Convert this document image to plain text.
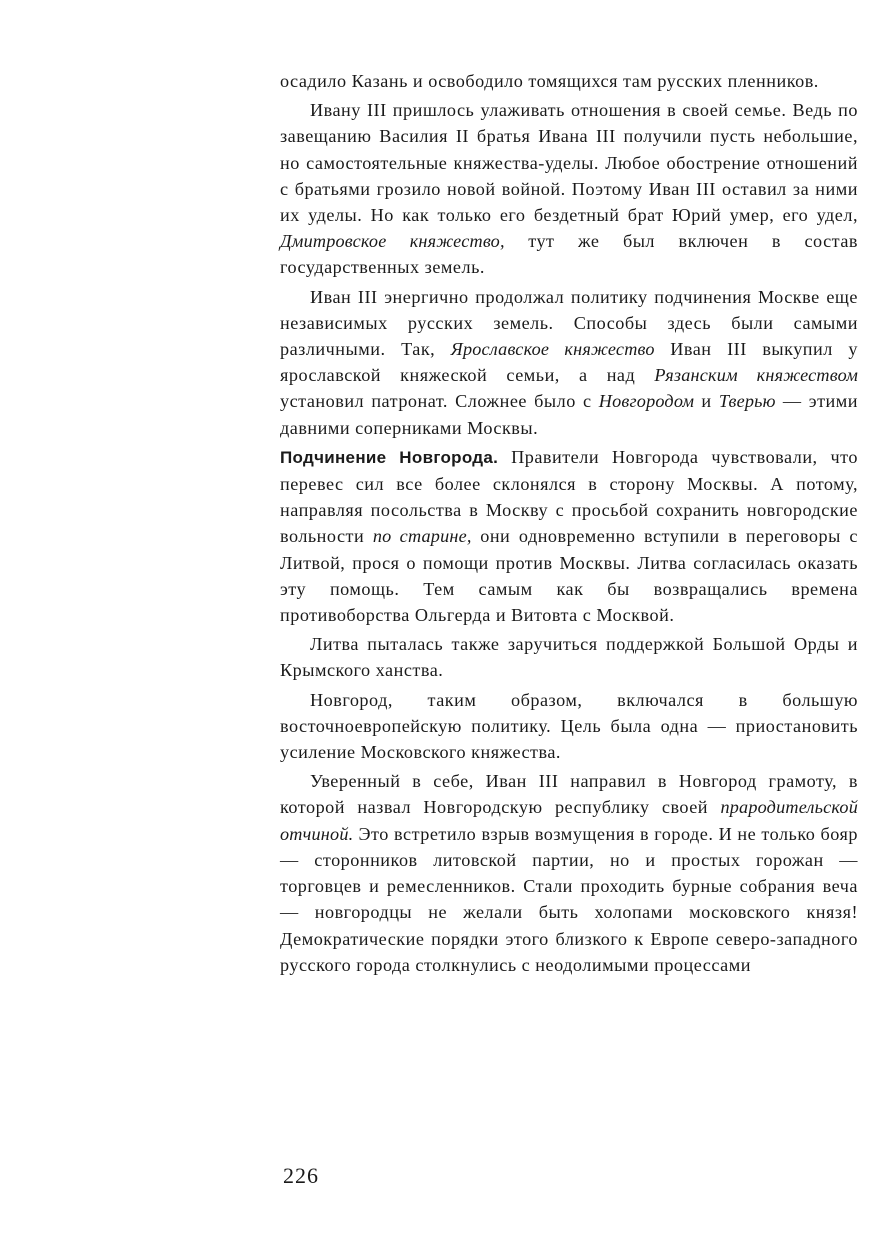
осадило Казань и освободило томящихся там русских пленников.

Ивану III пришлось улаживать отношения в своей семье. Ведь по завещанию Василия II братья Ивана III получили пусть небольшие, но самостоятельные княжества-уделы. Любое обострение отношений с братьями грозило новой войной. Поэтому Иван III оставил за ними их уделы. Но как только его бездетный брат Юрий умер, его удел, Дмитровское княжество, тут же был включен в состав государственных земель.

Иван III энергично продолжал политику подчинения Москве еще независимых русских земель. Способы здесь были самыми различными. Так, Ярославское княжество Иван III выкупил у ярославской княжеской семьи, а над Рязанским княжеством установил патронат. Сложнее было с Новгородом и Тверью — этими давними соперниками Москвы.

Подчинение Новгорода. Правители Новгорода чувствовали, что перевес сил все более склонялся в сторону Москвы. А потому, направляя посольства в Москву с просьбой сохранить новгородские вольности по старине, они одновременно вступили в переговоры с Литвой, прося о помощи против Москвы. Литва согласилась оказать эту помощь. Тем самым как бы возвращались времена противоборства Ольгерда и Витовта с Москвой.

Литва пыталась также заручиться поддержкой Большой Орды и Крымского ханства.

Новгород, таким образом, включался в большую восточноевропейскую политику. Цель была одна — приостановить усиление Московского княжества.

Уверенный в себе, Иван III направил в Новгород грамоту, в которой назвал Новгородскую республику своей прародительской отчиной. Это встретило взрыв возмущения в городе. И не только бояр — сторонников литовской партии, но и простых горожан — торговцев и ремесленников. Стали проходить бурные собрания веча — новгородцы не желали быть холопами московского князя! Демократические порядки этого близкого к Европе северо-западного русского города столкнулись с неодолимыми процессами

226
